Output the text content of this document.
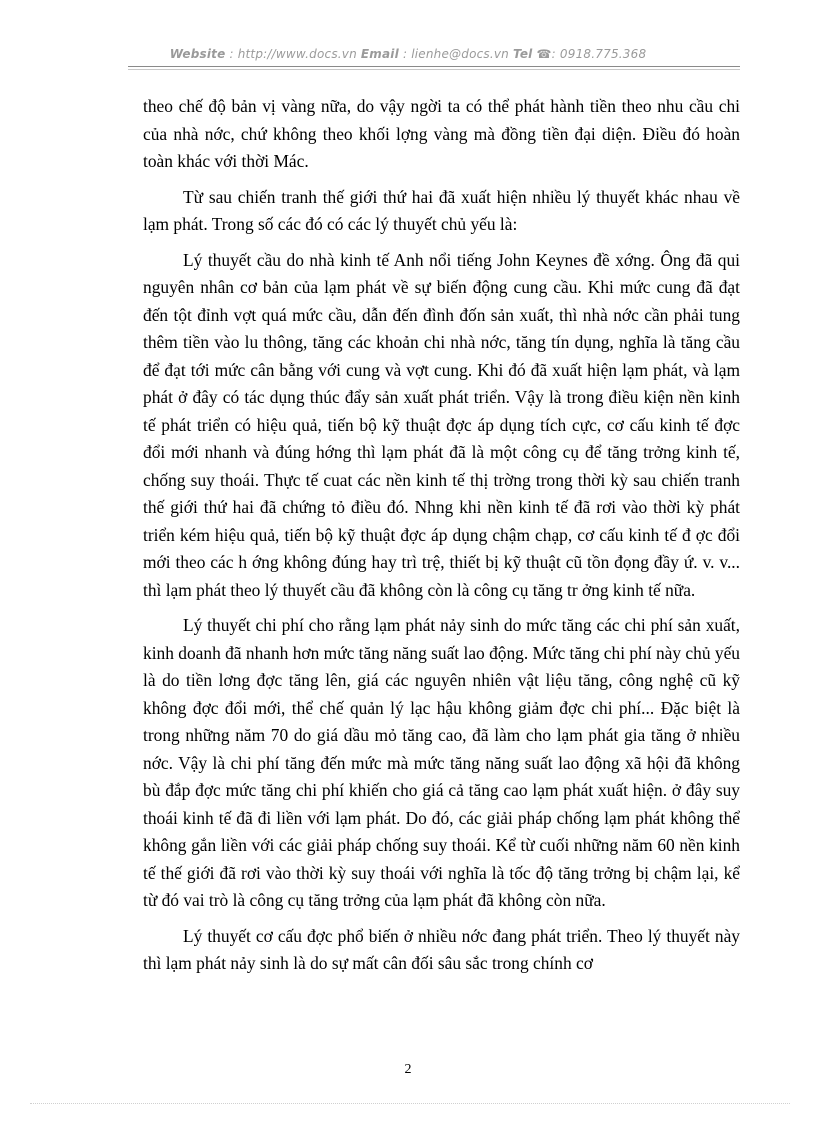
Website : http://www.docs.vn Email : lienhe@docs.vn Tel ☎: 0918.775.368

theo chế độ bản vị vàng nữa, do vậy ngời ta có thể phát hành tiền theo nhu cầu chi của nhà nớc, chứ không theo khối lợng vàng mà đồng tiền đại diện. Điều đó hoàn toàn khác với thời Mác.

Từ sau chiến tranh thế giới thứ hai đã xuất hiện nhiều lý thuyết khác nhau về lạm phát. Trong số các đó có các lý thuyết chủ yếu là:

Lý thuyết cầu do nhà kinh tế Anh nổi tiếng John Keynes đề xớng. Ông đã qui nguyên nhân cơ bản của lạm phát về sự biến động cung cầu. Khi mức cung đã đạt đến tột đỉnh vợt quá mức cầu, dẫn đến đình đốn sản xuất, thì nhà nớc cần phải tung thêm tiền vào lu thông, tăng các khoản chi nhà nớc, tăng tín dụng, nghĩa là tăng cầu để đạt tới mức cân bằng với cung và vợt cung. Khi đó đã xuất hiện lạm phát, và lạm phát ở đây có tác dụng thúc đẩy sản xuất phát triển. Vậy là trong điều kiện nền kinh tế phát triển có hiệu quả, tiến bộ kỹ thuật đợc áp dụng tích cực, cơ cấu kinh tế đợc đổi mới nhanh và đúng hớng thì lạm phát đã là một công cụ để tăng trởng kinh tế, chống suy thoái. Thực tế cuat các nền kinh tế thị trờng trong thời kỳ sau chiến tranh thế giới thứ hai đã chứng tỏ điều đó. Nhng khi nền kinh tế đã rơi vào thời kỳ phát triển kém hiệu quả, tiến bộ kỹ thuật đợc áp dụng chậm chạp, cơ cấu kinh tế đ ợc đổi mới theo các h ớng không đúng hay trì trệ, thiết bị kỹ thuật cũ tồn đọng đầy ứ. v. v... thì lạm phát theo lý thuyết cầu đã không còn là công cụ tăng tr ởng kinh tế nữa.

Lý thuyết chi phí cho rằng lạm phát nảy sinh do mức tăng các chi phí sản xuất, kinh doanh đã nhanh hơn mức tăng năng suất lao động. Mức tăng chi phí này chủ yếu là do tiền lơng đợc tăng lên, giá các nguyên nhiên vật liệu tăng, công nghệ cũ kỹ không đợc đổi mới, thể chế quản lý lạc hậu không giảm đợc chi phí... Đặc biệt là trong những năm 70 do giá dầu mỏ tăng cao, đã làm cho lạm phát gia tăng ở nhiều nớc. Vậy là chi phí tăng đến mức mà mức tăng năng suất lao động xã hội đã không bù đắp đợc mức tăng chi phí khiến cho giá cả tăng cao lạm phát xuất hiện. ở đây suy thoái kinh tế đã đi liền với lạm phát. Do đó, các giải pháp chống lạm phát không thể không gắn liền với các giải pháp chống suy thoái. Kể từ cuối những năm 60 nền kinh tế thế giới đã rơi vào thời kỳ suy thoái với nghĩa là tốc độ tăng trởng bị chậm lại, kể từ đó vai trò là công cụ tăng trởng của lạm phát đã không còn nữa.

Lý thuyết cơ cấu đợc phổ biến ở nhiều nớc đang phát triển. Theo lý thuyết này thì lạm phát nảy sinh là do sự mất cân đối sâu sắc trong chính cơ

2
